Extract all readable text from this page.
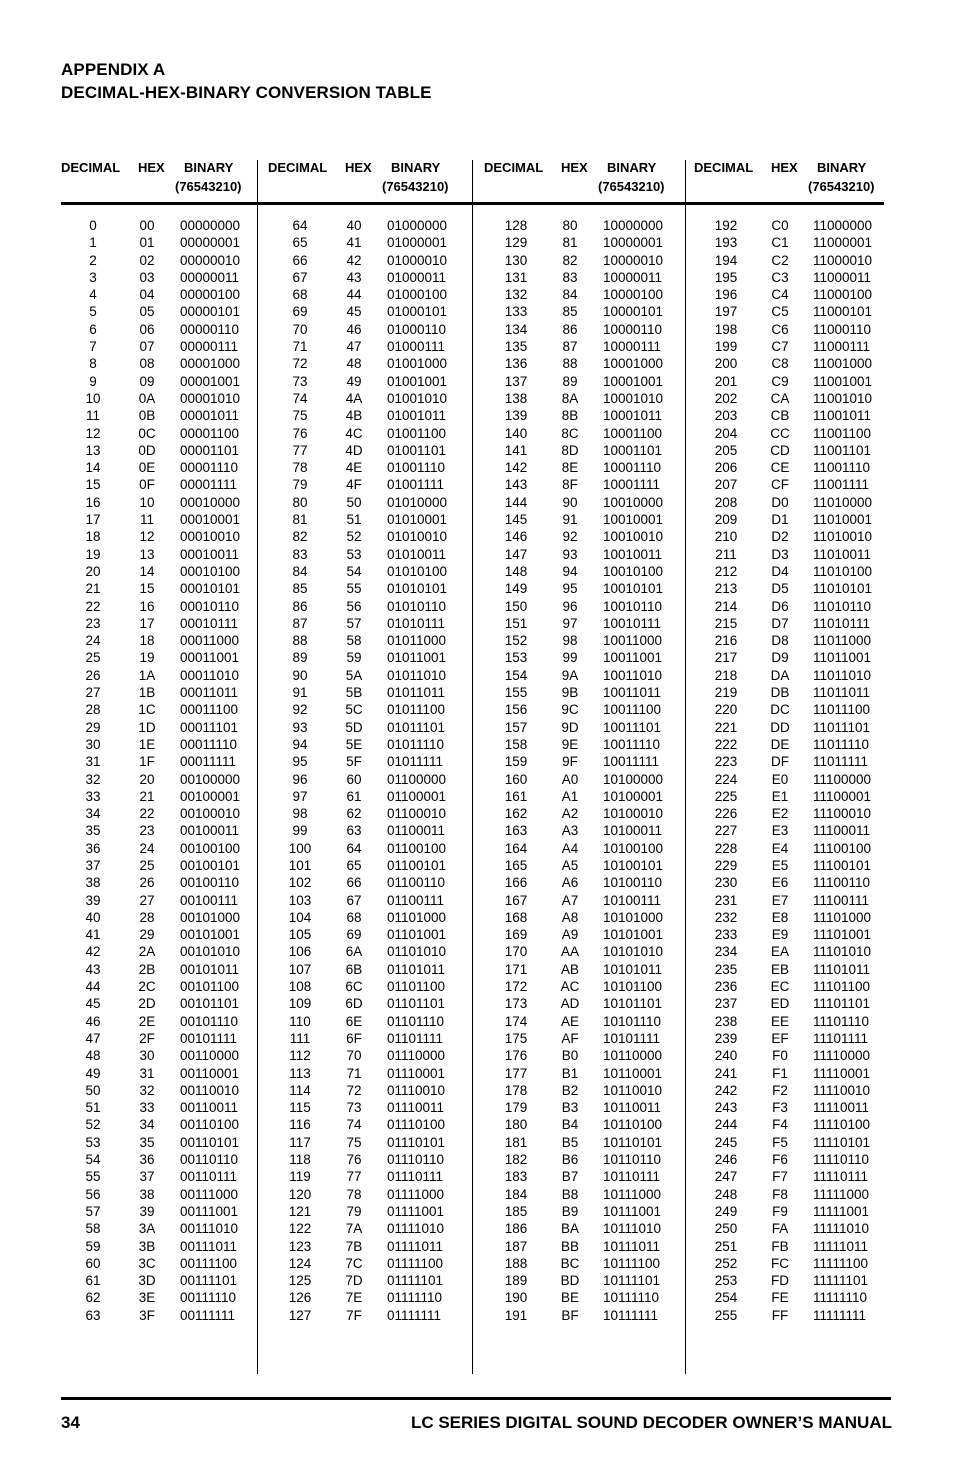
APPENDIX A
DECIMAL-HEX-BINARY CONVERSION TABLE
DECIMAL HEX BINARY
(76543210)
0	00	00000000
1	01	00000001
2	02	00000010
3	03	00000011
4	04	00000100
5	05	00000101
6	06	00000110
7	07	00000111
8	08	00001000
9	09	00001001
10	0A	00001010
11	0B	00001011
12	0C	00001100
13	0D	00001101
14	0E	00001110
15	0F	00001111
16	10	00010000
17	11	00010001
18	12	00010010
19	13	00010011
20	14	00010100
21	15	00010101
22	16	00010110
23	17	00010111
24	18	00011000
25	19	00011001
26	1A	00011010
27	1B	00011011
28	1C	00011100
29	1D	00011101
30	1E	00011110
31	1F	00011111
32	20	00100000
33	21	00100001
34	22	00100010
35	23	00100011
36	24	00100100
37	25	00100101
38	26	00100110
39	27	00100111
40	28	00101000
41	29	00101001
42	2A	00101010
43	2B	00101011
44	2C	00101100
45	2D	00101101
46	2E	00101110
47	2F	00101111
48	30	00110000
49	31	00110001
50	32	00110010
51	33	00110011
52	34	00110100
53	35	00110101
54	36	00110110
55	37	00110111
56	38	00111000
57	39	00111001
58	3A	00111010
59	3B	00111011
60	3C	00111100
61	3D	00111101
62	3E	00111110
63	3F	00111111
DECIMAL HEX BINARY
(76543210)
64	40	01000000
65	41	01000001
66	42	01000010
67	43	01000011
68	44	01000100
69	45	01000101
70	46	01000110
71	47	01000111
72	48	01001000
73	49	01001001
74	4A	01001010
75	4B	01001011
76	4C	01001100
77	4D	01001101
78	4E	01001110
79	4F	01001111
80	50	01010000
81	51	01010001
82	52	01010010
83	53	01010011
84	54	01010100
85	55	01010101
86	56	01010110
87	57	01010111
88	58	01011000
89	59	01011001
90	5A	01011010
91	5B	01011011
92	5C	01011100
93	5D	01011101
94	5E	01011110
95	5F	01011111
96	60	01100000
97	61	01100001
98	62	01100010
99	63	01100011
100	64	01100100
101	65	01100101
102	66	01100110
103	67	01100111
104	68	01101000
105	69	01101001
106	6A	01101010
107	6B	01101011
108	6C	01101100
109	6D	01101101
110	6E	01101110
111	6F	01101111
112	70	01110000
113	71	01110001
114	72	01110010
115	73	01110011
116	74	01110100
117	75	01110101
118	76	01110110
119	77	01110111
120	78	01111000
121	79	01111001
122	7A	01111010
123	7B	01111011
124	7C	01111100
125	7D	01111101
126	7E	01111110
127	7F	01111111
DECIMAL HEX BINARY
(76543210)
128	80	10000000
129	81	10000001
130	82	10000010
131	83	10000011
132	84	10000100
133	85	10000101
134	86	10000110
135	87	10000111
136	88	10001000
137	89	10001001
138	8A	10001010
139	8B	10001011
140	8C	10001100
141	8D	10001101
142	8E	10001110
143	8F	10001111
144	90	10010000
145	91	10010001
146	92	10010010
147	93	10010011
148	94	10010100
149	95	10010101
150	96	10010110
151	97	10010111
152	98	10011000
153	99	10011001
154	9A	10011010
155	9B	10011011
156	9C	10011100
157	9D	10011101
158	9E	10011110
159	9F	10011111
160	A0	10100000
161	A1	10100001
162	A2	10100010
163	A3	10100011
164	A4	10100100
165	A5	10100101
166	A6	10100110
167	A7	10100111
168	A8	10101000
169	A9	10101001
170	AA 10101010
171	AB 10101011
172	AC 10101100
173	AD 10101101
174	AE 10101110
175	AF	10101111
176	B0	10110000
177	B1	10110001
178	B2	10110010
179	B3	10110011
180	B4	10110100
181	B5	10110101
182	B6	10110110
183	B7	10110111
184	B8	10111000
185	B9	10111001
186	BA 10111010
187	BB 10111011
188	BC 10111100
189	BD 10111101
190	BE 10111110
191	BF	10111111
DECIMAL HEX BINARY
(76543210)
192	C0	11000000
193	C1	11000001
194	C2	11000010
195	C3	11000011
196	C4	11000100
197	C5	11000101
198	C6	11000110
199	C7	11000111
200	C8	11001000
201	C9	11001001
202	CA 11001010
203	CB 11001011
204	CC 11001100
205	CD 11001101
206	CE 11001110
207	CF 11001111
208	D0	11010000
209	D1	11010001
210	D2	11010010
211	D3	11010011
212	D4	11010100
213	D5	11010101
214	D6	11010110
215	D7	11010111
216	D8	11011000
217	D9	11011001
218	DA 11011010
219	DB 11011011
220	DC 11011100
221	DD 11011101
222	DE 11011110
223	DF 11011111
224	E0	11100000
225	E1	11100001
226	E2	11100010
227	E3	11100011
228	E4	11100100
229	E5	11100101
230	E6	11100110
231	E7	11100111
232	E8	11101000
233	E9	11101001
234	EA 11101010
235	EB 11101011
236	EC 11101100
237	ED 11101101
238	EE 11101110
239	EF	11101111
240	F0	11110000
241	F1	11110001
242	F2	11110010
243	F3	11110011
244	F4	11110100
245	F5	11110101
246	F6	11110110
247	F7	11110111
248	F8	11111000
249	F9	11111001
250	FA	11111010
251	FB	11111011
252	FC 11111100
253	FD 11111101
254	FE	11111110
255	FF	11111111
34	LC SERIES DIGITAL SOUND DECODER OWNER’S MANUAL
